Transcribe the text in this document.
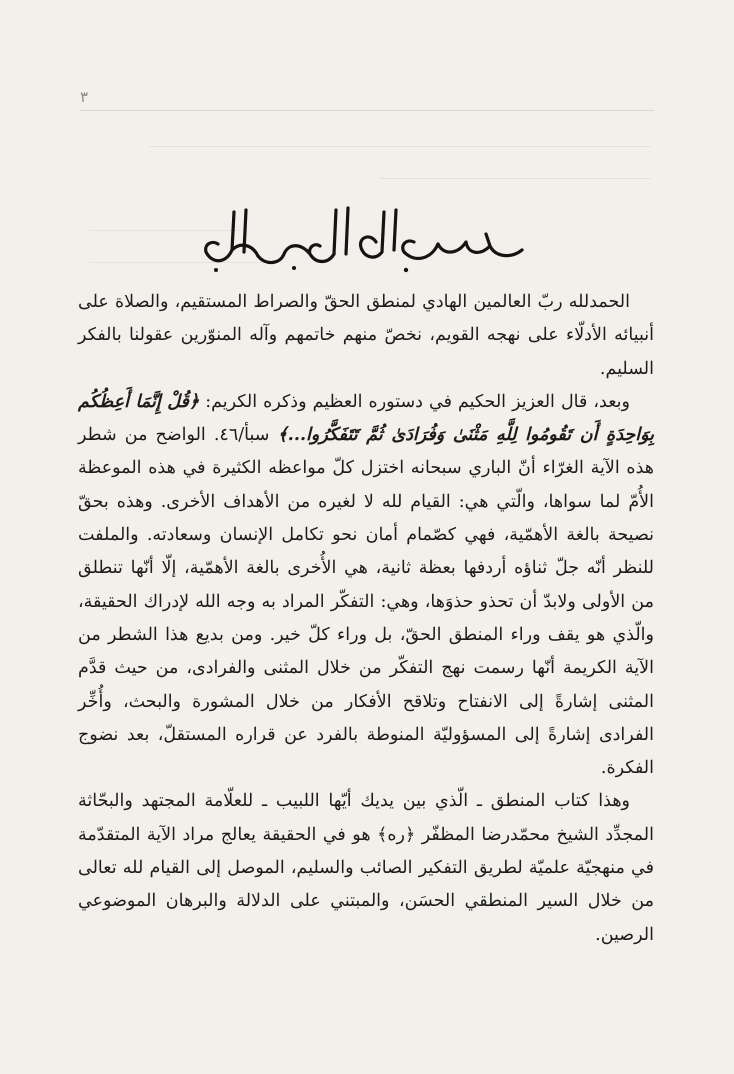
٣

الحمدلله ربّ العالمين الهادي لمنطق الحقّ والصراط المستقيم، والصلاة على أنبيائه الأدلّاء على نهجه القويم، نخصّ منهم خاتمهم وآله المنوّرين عقولنا بالفكر السليم.

وبعد، قال العزيز الحكيم في دستوره العظيم وذكره الكريم: ﴿قُلْ إِنَّمَا أَعِظُكُم بِوَاحِدَةٍ أَن تَقُومُوا لِلَّهِ مَثْنَىٰ وَفُرَادَىٰ ثُمَّ تَتَفَكَّرُوا...﴾ سبأ/٤٦. الواضح من شطر هذه الآية الغرّاء أنّ الباري سبحانه اختزل كلّ مواعظه الكثيرة في هذه الموعظة الأُمّ لما سواها، والّتي هي: القيام لله لا لغيره من الأهداف الأخرى. وهذه بحقّ نصيحة بالغة الأهمّية، فهي كصّمام أمان نحو تكامل الإنسان وسعادته. والملفت للنظر أنّه جلّ ثناؤه أردفها بعظة ثانية، هي الأُخرى بالغة الأهمّية، إلّا أنّها تنطلق من الأولى ولابدّ أن تحذو حذوَها، وهي: التفكّر المراد به وجه الله لإدراك الحقيقة، والّذي هو يقف وراء المنطق الحقّ، بل وراء كلّ خير. ومن بديع هذا الشطر من الآية الكريمة أنّها رسمت نهج التفكّر من خلال المثنى والفرادى، من حيث قدَّم المثنى إشارةً إلى الانفتاح وتلاقح الأفكار من خلال المشورة والبحث، وأُخِّر الفرادى إشارةً إلى المسؤوليّة المنوطة بالفرد عن قراره المستقلّ، بعد نضوج الفكرة.

وهذا كتاب المنطق ـ الّذي بين يديك أيّها اللبيب ـ للعلّامة المجتهد والبحّاثة المجدِّد الشيخ محمّدرضا المظفّر ﴿ره﴾ هو في الحقيقة يعالج مراد الآية المتقدّمة في منهجيّة علميّة لطريق التفكير الصائب والسليم، الموصل إلى القيام لله تعالى من خلال السير المنطقي الحسَن، والمبتني على الدلالة والبرهان الموضوعي الرصين.
